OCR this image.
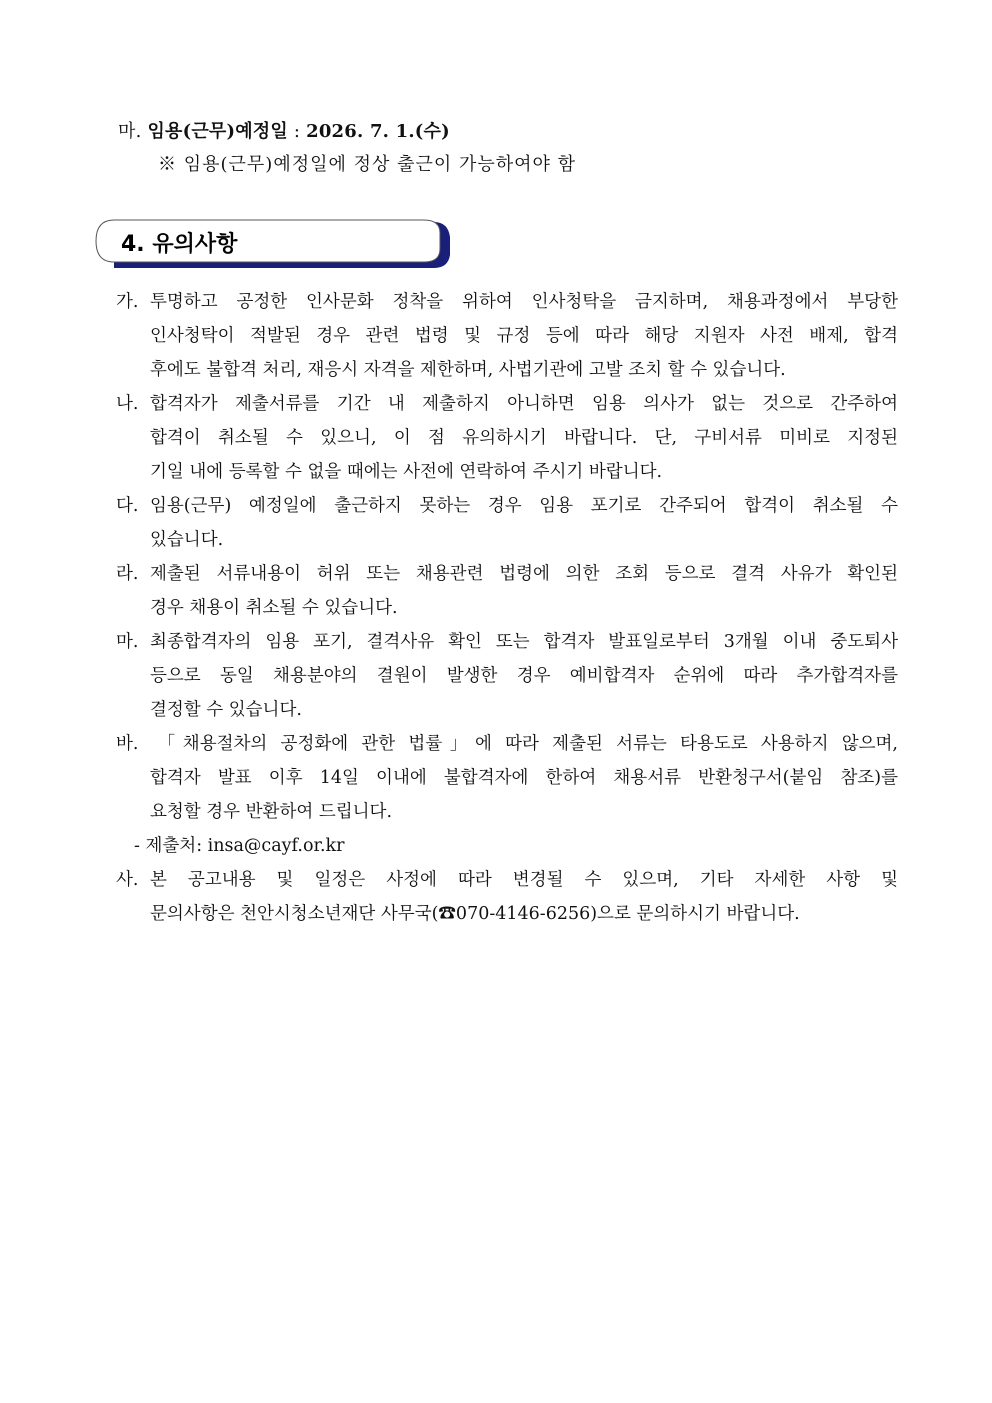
마. 임용(근무)예정일 : 2026. 7. 1.(수)
※ 임용(근무)예정일에 정상 출근이 가능하여야 함
4. 유의사항
가. 투명하고 공정한 인사문화 정착을 위하여 인사청탁을 금지하며, 채용과정에서 부당한
인사청탁이 적발된 경우 관련 법령 및 규정 등에 따라 해당 지원자 사전 배제, 합격
후에도 불합격 처리, 재응시 자격을 제한하며, 사법기관에 고발 조치 할 수 있습니다.
나. 합격자가 제출서류를 기간 내 제출하지 아니하면 임용 의사가 없는 것으로 간주하여
합격이 취소될 수 있으니, 이 점 유의하시기 바랍니다. 단, 구비서류 미비로 지정된
기일 내에 등록할 수 없을 때에는 사전에 연락하여 주시기 바랍니다.
다. 임용(근무) 예정일에 출근하지 못하는 경우 임용 포기로 간주되어 합격이 취소될 수
있습니다.
라. 제출된 서류내용이 허위 또는 채용관련 법령에 의한 조회 등으로 결격 사유가 확인된
경우 채용이 취소될 수 있습니다.
마. 최종합격자의 임용 포기, 결격사유 확인 또는 합격자 발표일로부터 3개월 이내 중도퇴사
등으로 동일 채용분야의 결원이 발생한 경우 예비합격자 순위에 따라 추가합격자를
결정할 수 있습니다.
바. 「채용절차의 공정화에 관한 법률」에 따라 제출된 서류는 타용도로 사용하지 않으며,
합격자 발표 이후 14일 이내에 불합격자에 한하여 채용서류 반환청구서(붙임 참조)를
요청할 경우 반환하여 드립니다.
- 제출처: insa@cayf.or.kr
사. 본 공고내용 및 일정은 사정에 따라 변경될 수 있으며, 기타 자세한 사항 및
문의사항은 천안시청소년재단 사무국(☎070-4146-6256)으로 문의하시기 바랍니다.
